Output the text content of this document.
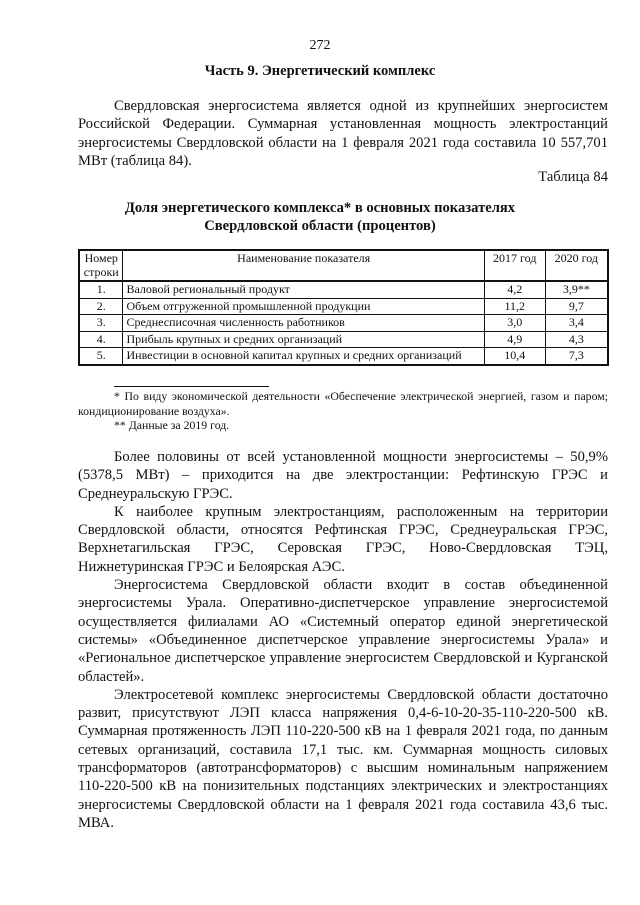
272
Часть 9. Энергетический комплекс

Свердловская энергосистема является одной из крупнейших энергосистем Российской Федерации. Суммарная установленная мощность электростанций энергосистемы Свердловской области на 1 февраля 2021 года составила 10 557,701 МВт (таблица 84).

Таблица 84
Доля энергетического комплекса* в основных показателях
Свердловской области (процентов)
Номер строки	Наименование показателя	2017 год	2020 год
1.	Валовой региональный продукт	4,2	3,9**
2.	Объем отгруженной промышленной продукции	11,2	9,7
3.	Среднесписочная численность работников	3,0	3,4
4.	Прибыль крупных и средних организаций	4,9	4,3
5.	Инвестиции в основной капитал крупных и средних организаций	10,4	7,3

* По виду экономической деятельности «Обеспечение электрической энергией, газом и паром; кондиционирование воздуха».

** Данные за 2019 год.

Более половины от всей установленной мощности энергосистемы – 50,9% (5378,5 МВт) – приходится на две электростанции: Рефтинскую ГРЭС и Среднеуральскую ГРЭС.

К наиболее крупным электростанциям, расположенным на территории Свердловской области, относятся Рефтинская ГРЭС, Среднеуральская ГРЭС, Верхнетагильская ГРЭС, Серовская ГРЭС, Ново-Свердловская ТЭЦ, Нижнетуринская ГРЭС и Белоярская АЭС.

Энергосистема Свердловской области входит в состав объединенной энергосистемы Урала. Оперативно-диспетчерское управление энергосистемой осуществляется филиалами АО «Системный оператор единой энергетической системы» «Объединенное диспетчерское управление энергосистемы Урала» и «Региональное диспетчерское управление энергосистем Свердловской и Курганской областей».

Электросетевой комплекс энергосистемы Свердловской области достаточно развит, присутствуют ЛЭП класса напряжения 0,4-6-10-20-35-110-220-500 кВ. Суммарная протяженность ЛЭП 110-220-500 кВ на 1 февраля 2021 года, по данным сетевых организаций, составила 17,1 тыс. км. Суммарная мощность силовых трансформаторов (автотрансформаторов) с высшим номинальным напряжением 110-220-500 кВ на понизительных подстанциях электрических и электростанциях энергосистемы Свердловской области на 1 февраля 2021 года составила 43,6 тыс. МВА.
